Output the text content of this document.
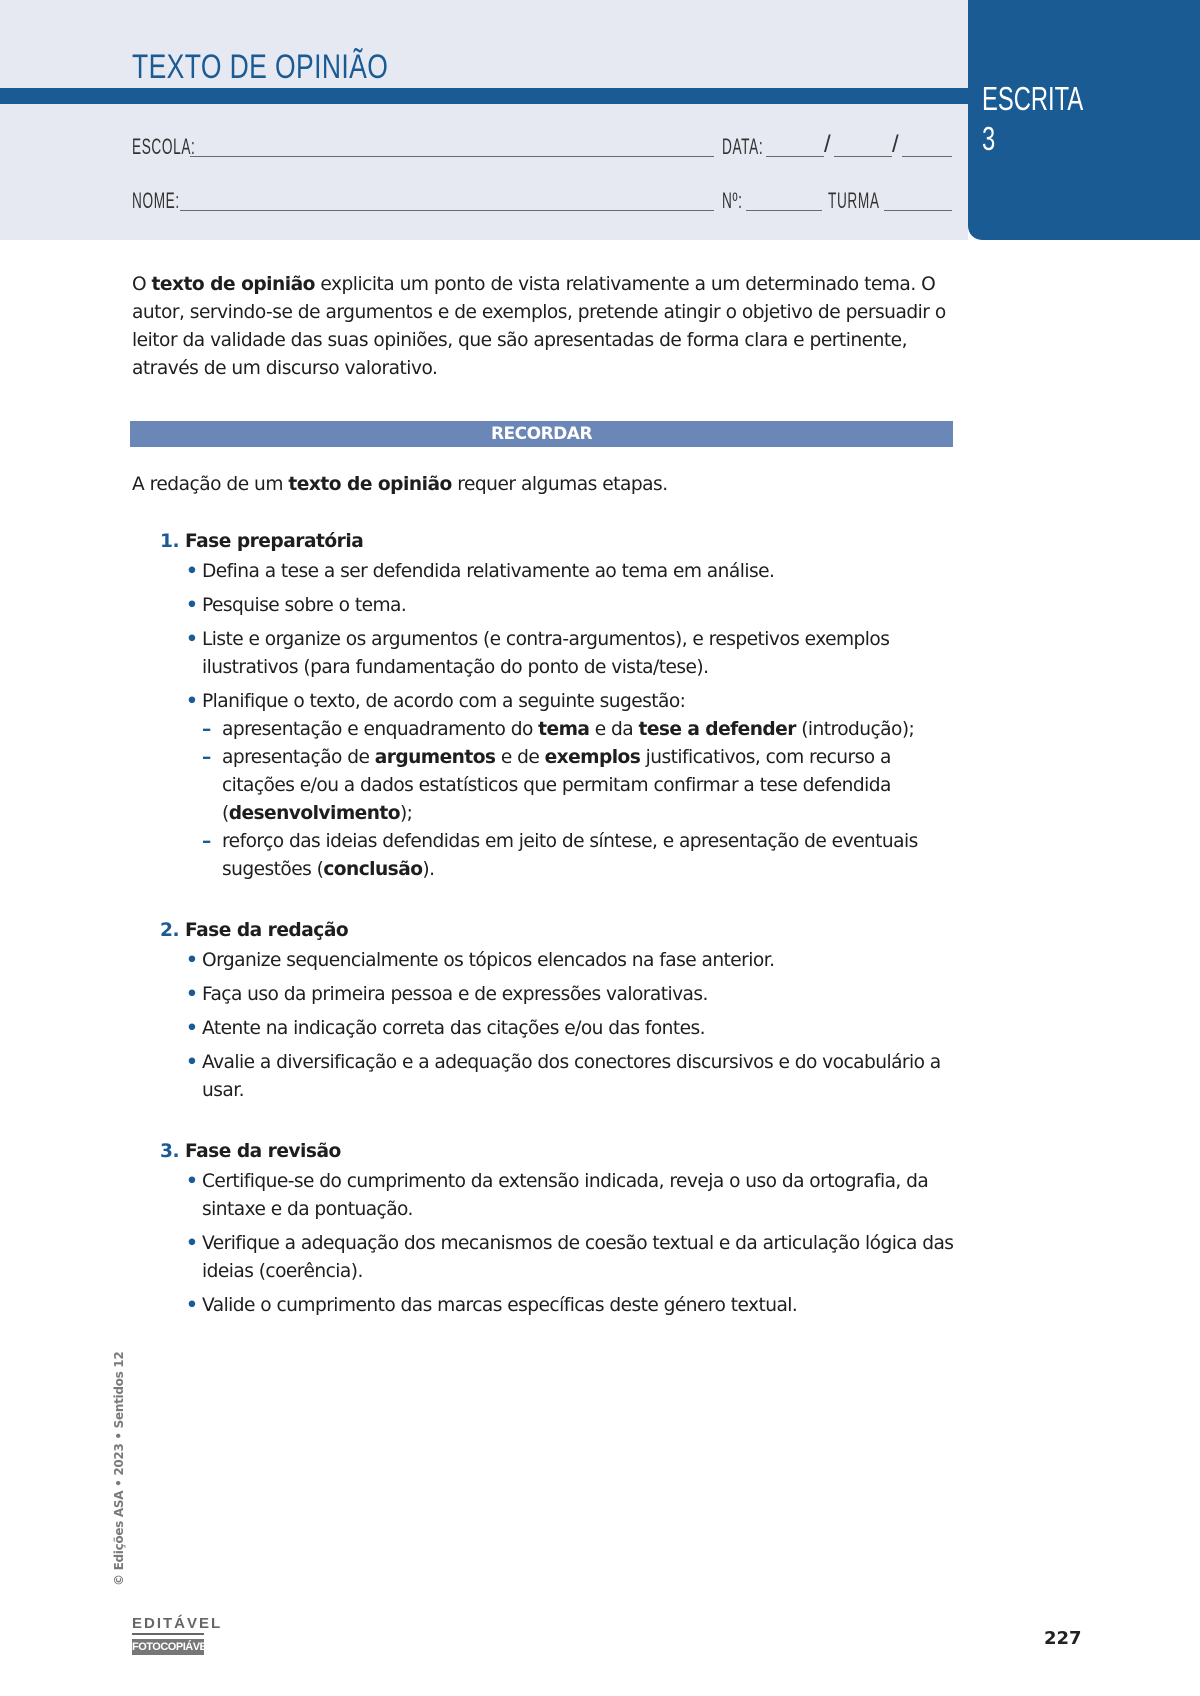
TEXTO DE OPINIÃO
ESCOLA:	DATA:	/	/
NOME:	Nº:	TURMA
ESCRITA
3

O texto de opinião explicita um ponto de vista relativamente a um determinado tema. O autor, servindo-se de argumentos e de exemplos, pretende atingir o objetivo de persuadir o leitor da validade das suas opiniões, que são apresentadas de forma clara e pertinente, através de um discurso valorativo.

RECORDAR

A redação de um texto de opinião requer algumas etapas.

1. Fase preparatória

• Defina a tese a ser defendida relativamente ao tema em análise.
• Pesquise sobre o tema.
• Liste e organize os argumentos (e contra-argumentos), e respetivos exemplos ilustrativos (para fundamentação do ponto de vista/tese).
• Planifique o texto, de acordo com a seguinte sugestão:
– apresentação e enquadramento do tema e da tese a defender (introdução);
– apresentação de argumentos e de exemplos justificativos, com recurso a citações e/ou a dados estatísticos que permitam confirmar a tese defendida (desenvolvimento);
– reforço das ideias defendidas em jeito de síntese, e apresentação de eventuais sugestões (conclusão).

2. Fase da redação

• Organize sequencialmente os tópicos elencados na fase anterior.
• Faça uso da primeira pessoa e de expressões valorativas.
• Atente na indicação correta das citações e/ou das fontes.
• Avalie a diversificação e a adequação dos conectores discursivos e do vocabulário a usar.

3. Fase da revisão

• Certifique-se do cumprimento da extensão indicada, reveja o uso da ortografia, da sintaxe e da pontuação.
• Verifique a adequação dos mecanismos de coesão textual e da articulação lógica das ideias (coerência).
• Valide o cumprimento das marcas específicas deste género textual.
© Edições ASA • 2023 • Sentidos 12
EDITÁVEL
FOTOCOPIÁVEL	227
